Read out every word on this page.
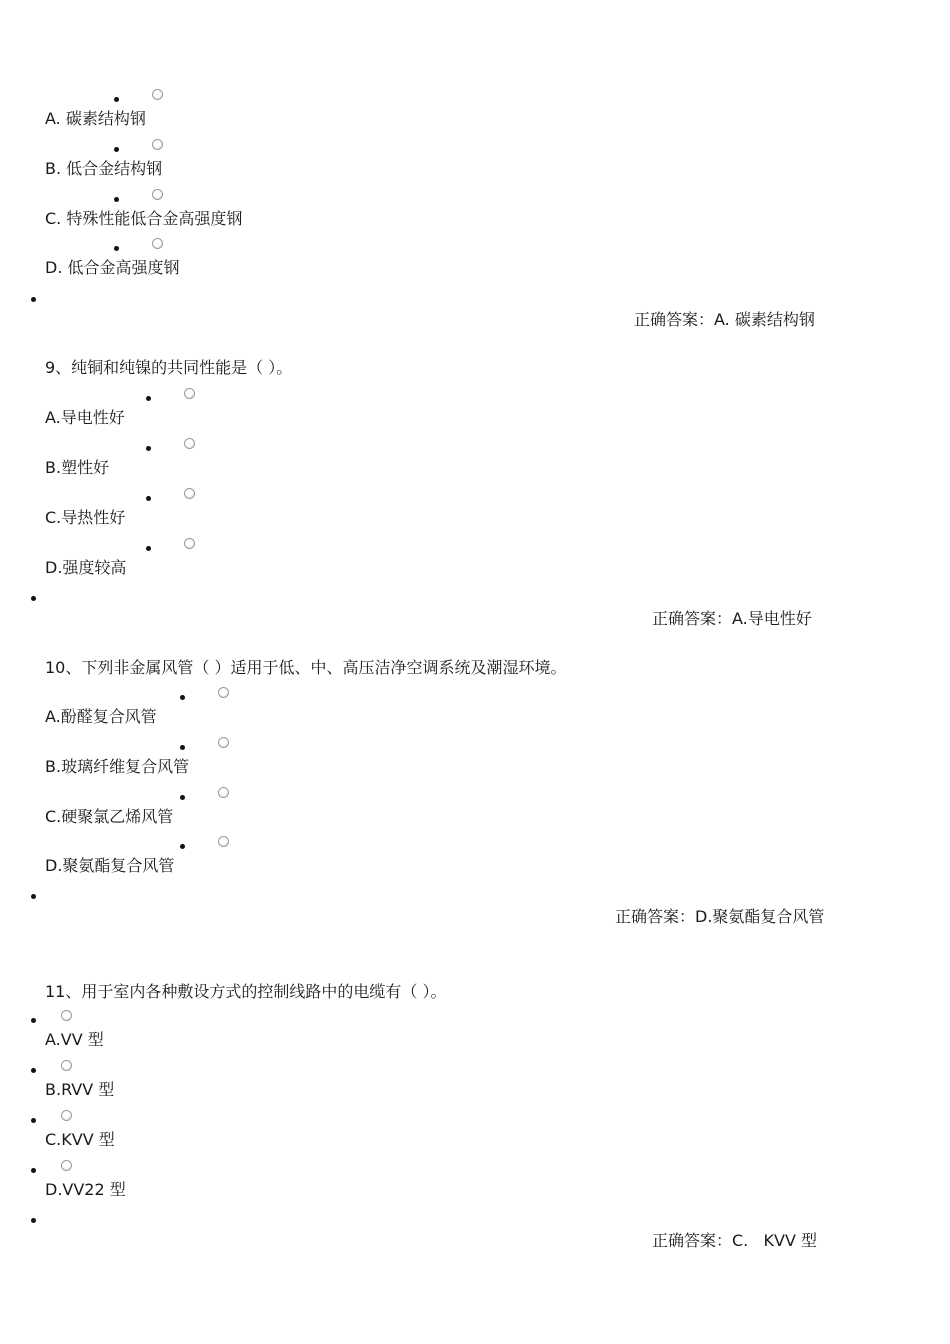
A. 碳素结构钢
B. 低合金结构钢
C. 特殊性能低合金高强度钢
D. 低合金高强度钢
正确答案：A. 碳素结构钢
9、纯铜和纯镍的共同性能是（ ）。
A.导电性好
B.塑性好
C.导热性好
D.强度较高
正确答案：A.导电性好
10、下列非金属风管（ ）适用于低、中、高压洁净空调系统及潮湿环境。
A.酚醛复合风管
B.玻璃纤维复合风管
C.硬聚氯乙烯风管
D.聚氨酯复合风管
正确答案：D.聚氨酯复合风管
11、用于室内各种敷设方式的控制线路中的电缆有（ ）。
A.VV 型
B.RVV 型
C.KVV 型
D.VV22 型
正确答案：C.   KVV 型
